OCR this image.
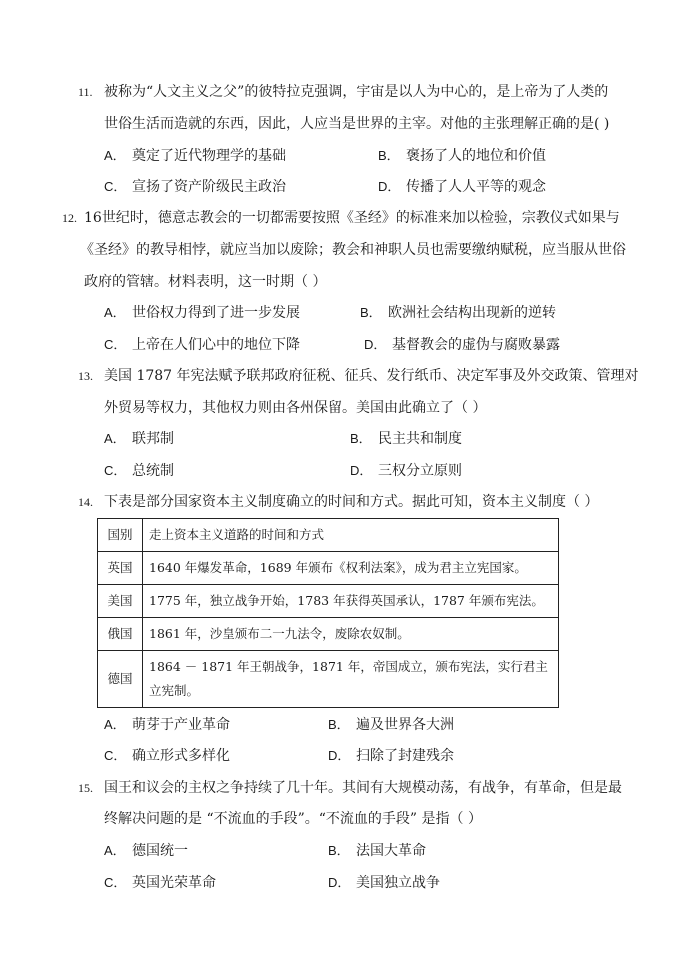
11. 被称为“人文主义之父”的彼特拉克强调，宇宙是以人为中心的，是上帝为了人类的
世俗生活而造就的东西，因此，人应当是世界的主宰。对他的主张理解正确的是( )
A． 奠定了近代物理学的基础	B． 褒扬了人的地位和价值
C． 宣扬了资产阶级民主政治	D． 传播了人人平等的观念
12. 16世纪时，德意志教会的一切都需要按照《圣经》的标准来加以检验，宗教仪式如果与
《圣经》的教导相悖，就应当加以废除；教会和神职人员也需要缴纳赋税，应当服从世俗
政府的管辖。材料表明，这一时期（ ）
A． 世俗权力得到了进一步发展	B． 欧洲社会结构出现新的逆转
C． 上帝在人们心中的地位下降	D． 基督教会的虚伪与腐败暴露
13. 美国 1787 年宪法赋予联邦政府征税、征兵、发行纸币、决定军事及外交政策、管理对
外贸易等权力，其他权力则由各州保留。美国由此确立了（ ）
A． 联邦制	B． 民主共和制度
C． 总统制	D． 三权分立原则
14. 下表是部分国家资本主义制度确立的时间和方式。据此可知，资本主义制度（ ）
国别	走上资本主义道路的时间和方式
英国	1640 年爆发革命，1689 年颁布《权利法案》，成为君主立宪国家。
美国	1775 年，独立战争开始，1783 年获得英国承认，1787 年颁布宪法。
俄国	1861 年，沙皇颁布二一九法令，废除农奴制。
德国	1864 － 1871 年王朝战争，1871 年，帝国成立，颁布宪法，实行君主立宪制。
A． 萌芽于产业革命	B． 遍及世界各大洲
C． 确立形式多样化	D． 扫除了封建残余
15. 国王和议会的主权之争持续了几十年。其间有大规模动荡，有战争，有革命，但是最
终解决问题的是 “不流血的手段”。“不流血的手段” 是指（ ）
A． 德国统一	B． 法国大革命
C． 英国光荣革命	D． 美国独立战争
